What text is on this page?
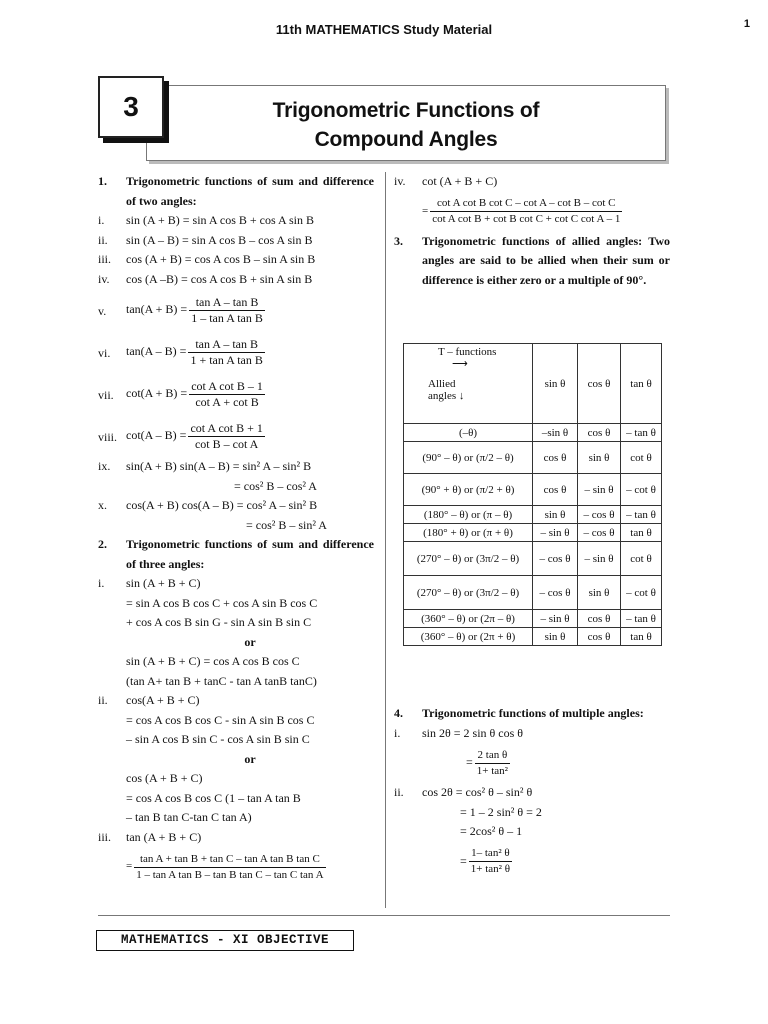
11th MATHEMATICS Study Material	1
3	Trigonometric Functions of
Compound Angles
1. Trigonometric functions of sum and difference of two angles:
i. sin (A + B) = sin A cos B + cos A sin B
ii. sin (A – B) = sin A cos B – cos A sin B
iii. cos (A + B) = cos A cos B – sin A sin B
iv. cos (A –B) = cos A cos B + sin A sin B
v. $\tan(A + B) = \frac{\text{tan A – tan B}}{\text{1 – tan A tan B}}$
vi. $\tan(A - B) = \frac{\text{tan A – tan B}}{\text{1 + tan A tan B}}$
vii. $\cot(A + B) = \frac{\text{cot A cot B – 1}}{\text{cot A + cot B}}$
viii. $\cot(A - B) = \frac{\text{cot A cot B + 1}}{\text{cot B – cot A}}$
ix. sin(A + B) sin(A – B) = sin² A – sin² B
= cos² B – cos² A
x. cos(A + B) cos(A – B) = cos² A – sin² B
= cos² B – sin² A
2. Trigonometric functions of sum and difference of three angles:
i. sin (A + B + C)
= sin A cos B cos C + cos A sin B cos C
+ cos A cos B sin G - sin A sin B sin C
or
sin (A + B + C) = cos A cos B cos C
(tan A+ tan B + tanC - tan A tanB tanC)
ii. cos(A + B + C)
= cos A cos B cos C - sin A sin B cos C
– sin A cos B sin C - cos A sin B sin C
or
cos (A + B + C)
= cos A cos B cos C (1 – tan A tan B
– tan B tan C-tan C tan A)
iii. tan (A + B + C)
= $\frac{\text{tan A + tan B + tan C – tan A tan B tan C}}{\text{1 – tan A tan B – tan B tan C – tan C tan A}}$
iv. cot (A + B + C)
= $\frac{\text{cot A cot B cot C – cot A – cot B – cot C}}{\text{cot A cot B + cot B cot C + cot C cot A – 1}}$
3. Trigonometric functions of allied angles: Two angles are said to be allied when their sum or difference is either zero or a multiple of 90°.
T – functions
⟶
Allied
angles ↓	sin θ	cos θ	tan θ
(–θ)	–sin θ	cos θ	– tan θ
(90° – θ) or (π/2 – θ)	cos θ	sin θ	cot θ
(90° + θ) or (π/2 + θ)	cos θ	– sin θ	– cot θ
(180° – θ) or (π – θ)	sin θ	– cos θ	– tan θ
(180° + θ) or (π + θ)	– sin θ	– cos θ	tan θ
(270° – θ) or (3π/2 – θ)	– cos θ	– sin θ	cot θ
(270° – θ) or (3π/2 – θ)	– cos θ	sin θ	– cot θ
(360° – θ) or (2π – θ)	– sin θ	cos θ	– tan θ
(360° – θ) or (2π + θ)	sin θ	cos θ	tan θ
4. Trigonometric functions of multiple angles:
i. sin 2θ = 2 sin θ cos θ
= $\frac{\text{2 tan θ}}{\text{1+ tan²}}$
ii. cos 2θ = cos² θ – sin² θ
= 1 – 2 sin² θ = 2
= 2cos² θ – 1
= $\frac{\text{1– tan² θ}}{\text{1+ tan² θ}}$
MATHEMATICS - XI OBJECTIVE
